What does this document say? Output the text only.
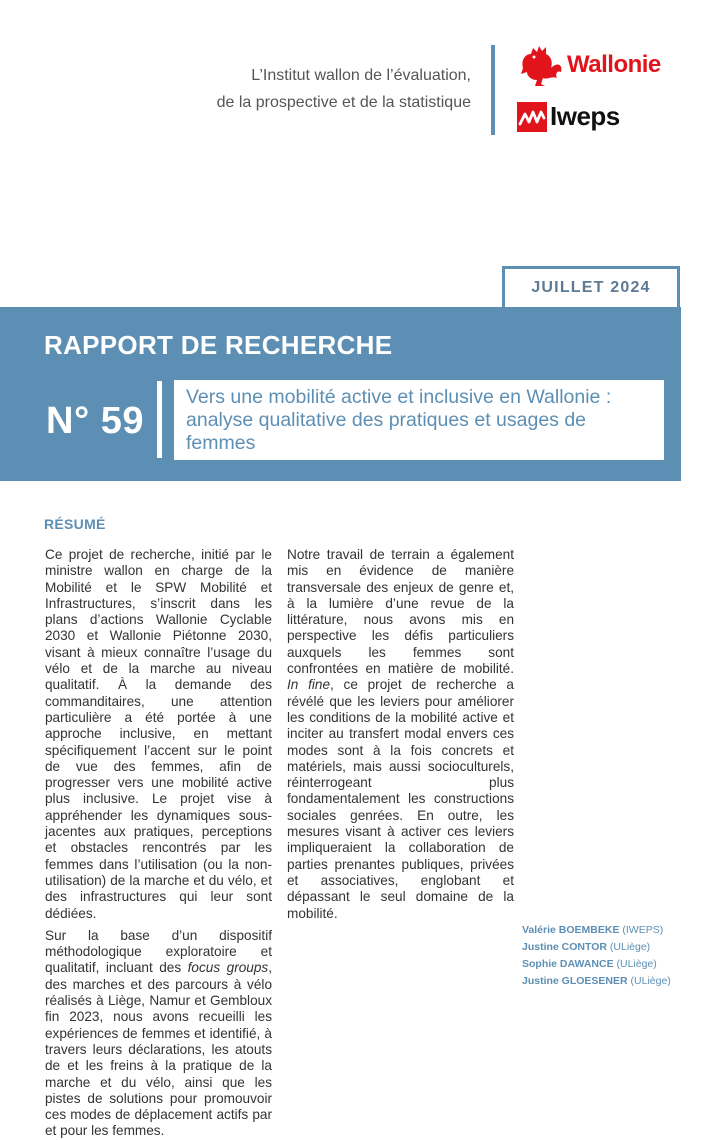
L’Institut wallon de l’évaluation,
de la prospective et de la statistique
Wallonie
Iweps
JUILLET 2024
RAPPORT DE RECHERCHE
N° 59
Vers une mobilité active et inclusive en Wallonie : analyse qualitative des pratiques et usages de femmes
RÉSUMÉ

Ce projet de recherche, initié par le ministre wallon en charge de la Mobilité et le SPW Mobilité et Infrastructures, s’inscrit dans les plans d’actions Wallonie Cyclable 2030 et Wallonie Piétonne 2030, visant à mieux connaître l’usage du vélo et de la marche au niveau qualitatif. À la demande des commanditaires, une attention particulière a été portée à une approche inclusive, en mettant spécifiquement l’accent sur le point de vue des femmes, afin de progresser vers une mobilité active plus inclusive. Le projet vise à appréhender les dynamiques sous-jacentes aux pratiques, perceptions et obstacles rencontrés par les femmes dans l’utilisation (ou la non-utilisation) de la marche et du vélo, et des infrastructures qui leur sont dédiées.

Sur la base d’un dispositif méthodologique exploratoire et qualitatif, incluant des focus groups, des marches et des parcours à vélo réalisés à Liège, Namur et Gembloux fin 2023, nous avons recueilli les expériences de femmes et identifié, à travers leurs déclarations, les atouts de et les freins à la pratique de la marche et du vélo, ainsi que les pistes de solutions pour promouvoir ces modes de déplacement actifs par et pour les femmes.

Notre travail de terrain a également mis en évidence de manière transversale des enjeux de genre et, à la lumière d’une revue de la littérature, nous avons mis en perspective les défis particuliers auxquels les femmes sont confrontées en matière de mobilité. In fine, ce projet de recherche a révélé que les leviers pour améliorer les conditions de la mobilité active et inciter au transfert modal envers ces modes sont à la fois concrets et matériels, mais aussi socioculturels, réinterrogeant plus fondamentalement les constructions sociales genrées. En outre, les mesures visant à activer ces leviers impliqueraient la collaboration de parties prenantes publiques, privées et associatives, englobant et dépassant le seul domaine de la mobilité.

Valérie BOEMBEKE (IWEPS)
Justine CONTOR (ULiège)
Sophie DAWANCE (ULiège)
Justine GLOESENER (ULiège)
